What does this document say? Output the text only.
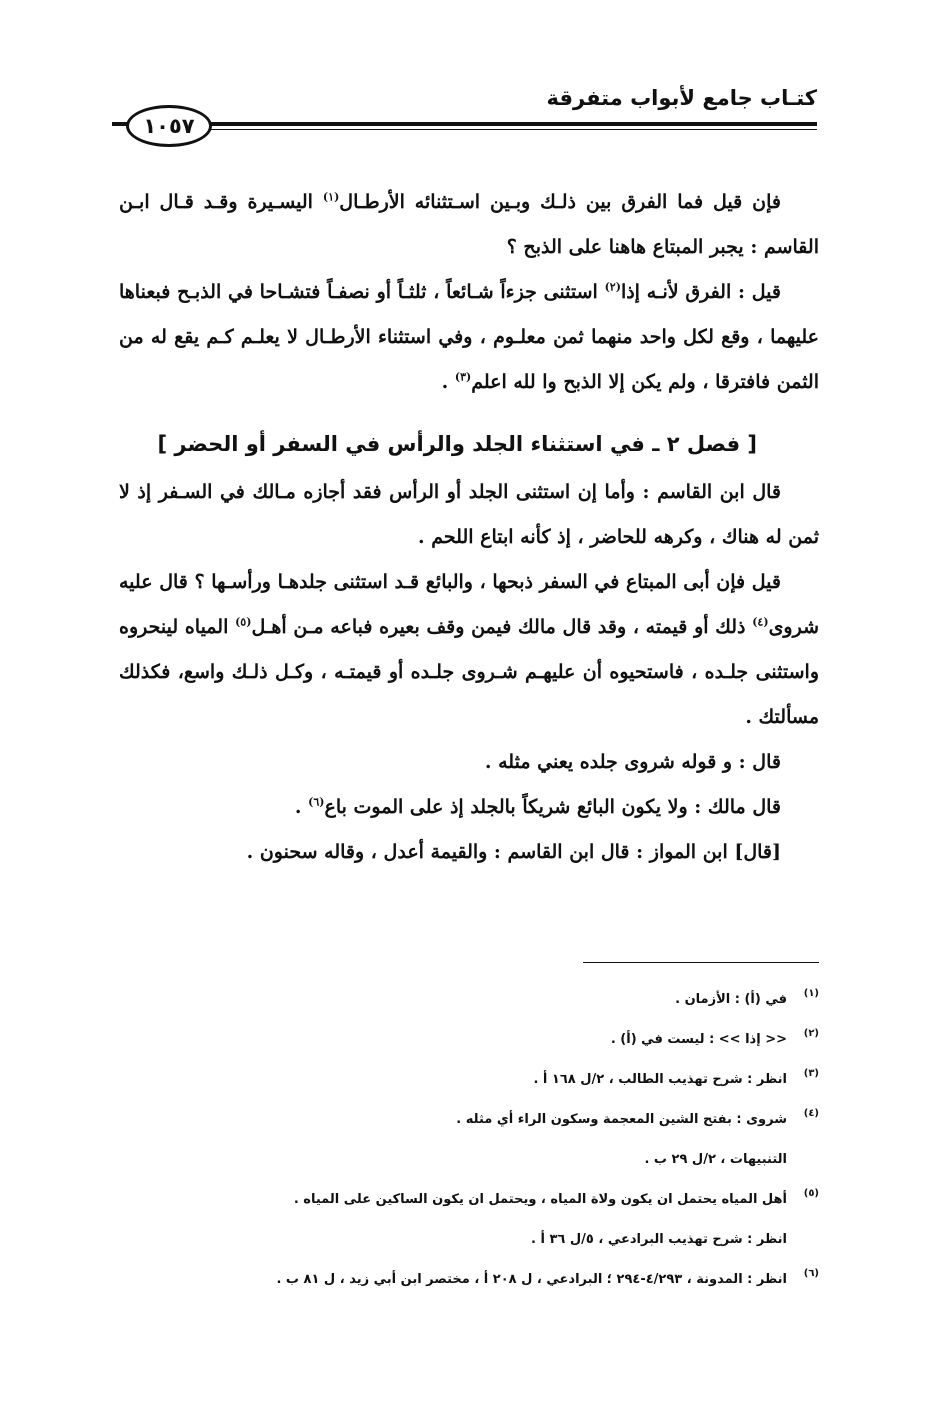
كتـاب جامع لأبواب متفرقة
١٠٥٧

فإن قيل فما الفرق بين ذلـك وبـين اسـتثنائه الأرطـال$^{(١)}$ اليسـيرة وقـد قـال ابـن القاسم : يجبر المبتاع هاهنا على الذبح ؟

قيل : الفرق لأنـه إذا$^{(٢)}$ استثنى جزءاً شـائعاً ، ثلثـاً أو نصفـاً فتشـاحا في الذبـح فبعناها عليهما ، وقع لكل واحد منهما ثمن معلـوم ، وفي استثناء الأرطـال لا يعلـم كـم يقع له من الثمن فافترقا ، ولم يكن إلا الذبح وا لله اعلم$^{(٣)}$ .

[ فصل ٢ ـ في استثناء الجلد والرأس في السفر أو الحضر ]

قال ابن القاسم : وأما إن استثنى الجلد أو الرأس فقد أجازه مـالك في السـفر إذ لا ثمن له هناك ، وكرهه للحاضر ، إذ كأنه ابتاع اللحم .

قيل فإن أبى المبتاع في السفر ذبحها ، والبائع قـد استثنى جلدهـا ورأسـها ؟ قال عليه شروى$^{(٤)}$ ذلك أو قيمته ، وقد قال مالك فيمن وقف بعيره فباعه مـن أهـل$^{(٥)}$ المياه لينحروه واستثنى جلـده ، فاستحيوه أن عليهـم شـروى جلـده أو قيمتـه ، وكـل ذلـك واسع، فكذلك مسألتك .

قال : و قوله شروى جلده يعني مثله .

قال مالك : ولا يكون البائع شريكاً بالجلد إذ على الموت باع$^{(٦)}$ .

[قال] ابن المواز : قال ابن القاسم : والقيمة أعدل ، وقاله سحنون .

(١)
في (أ) : الأزمان .
(٢)
<< إذا >> : ليست في (أ) .
(٣)
انظر : شرح تهذيب الطالب ، ٢/ل ١٦٨ أ .
(٤)
شروى : بفتح الشين المعجمة وسكون الراء أي مثله .
التنبيهات ، ٢/ل ٢٩ ب .
(٥)
أهل المياه يحتمل ان يكون ولاة المياه ، ويحتمل ان يكون الساكين على المياه .
انظر : شرح تهذيب البرادعي ، ٥/ل ٣٦ أ .
(٦)
انظر : المدونة ، ٤/٢٩٣-٢٩٤ ؛ البرادعي ، ل ٢٠٨ أ ، مختصر ابن أبي زيد ، ل ٨١ ب .
